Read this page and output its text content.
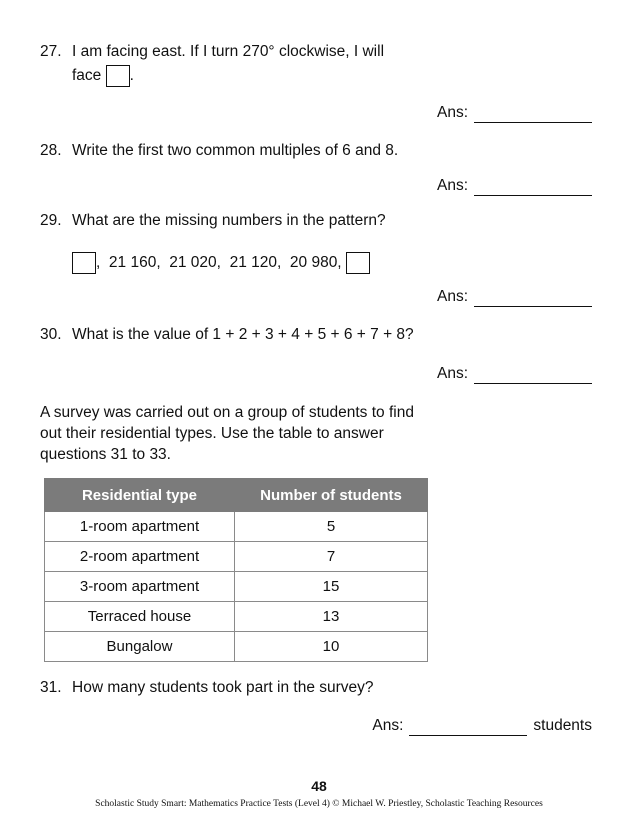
27. I am facing east. If I turn 270° clockwise, I will
face .
Ans:
28. Write the first two common multiples of 6 and 8.
Ans:
29. What are the missing numbers in the pattern?
,  21 160,  21 020,  21 120,  20 980,
Ans:
30. What is the value of 1 + 2 + 3 + 4 + 5 + 6 + 7 + 8?
Ans:
A survey was carried out on a group of students to find
out their residential types. Use the table to answer
questions 31 to 33.
Residential type	Number of students
1-room apartment	5
2-room apartment	7
3-room apartment	15
Terraced house	13
Bungalow	10
31. How many students took part in the survey?
Ans:	students
48
Scholastic Study Smart: Mathematics Practice Tests (Level 4) © Michael W. Priestley, Scholastic Teaching Resources
